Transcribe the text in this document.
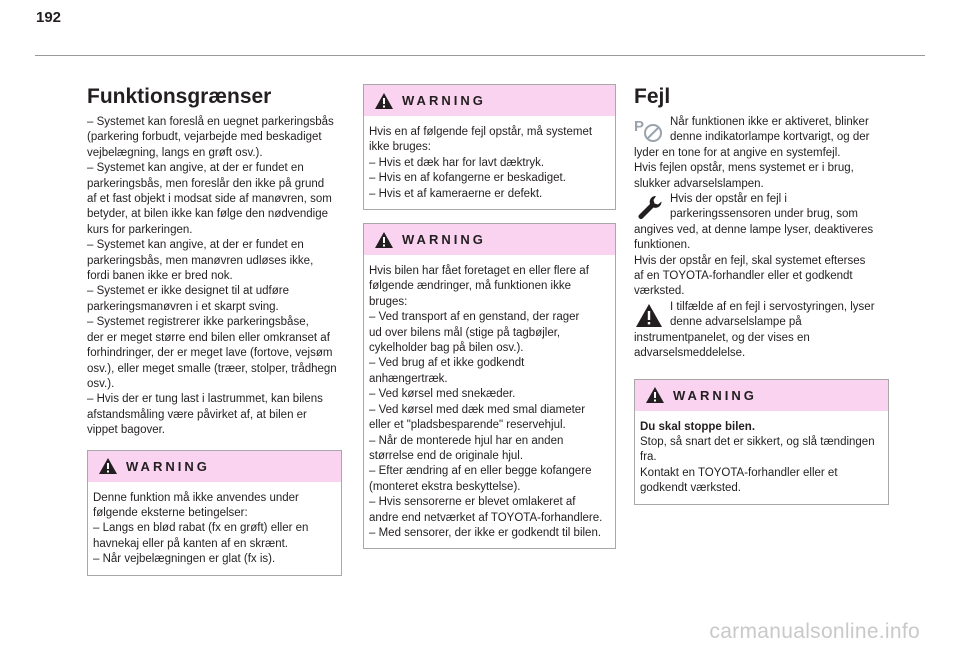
192
Funktionsgrænser
– Systemet kan foreslå en uegnet parkeringsbås
(parkering forbudt, vejarbejde med beskadiget
vejbelægning, langs en grøft osv.).
– Systemet kan angive, at der er fundet en
parkeringsbås, men foreslår den ikke på grund
af et fast objekt i modsat side af manøvren, som
betyder, at bilen ikke kan følge den nødvendige
kurs for parkeringen.
– Systemet kan angive, at der er fundet en
parkeringsbås, men manøvren udløses ikke,
fordi banen ikke er bred nok.
– Systemet er ikke designet til at udføre
parkeringsmanøvren i et skarpt sving.
– Systemet registrerer ikke parkeringsbåse,
der er meget større end bilen eller omkranset af
forhindringer, der er meget lave (fortove, vejsøm
osv.), eller meget smalle (træer, stolper, trådhegn
osv.).
– Hvis der er tung last i lastrummet, kan bilens
afstandsmåling være påvirket af, at bilen er
vippet bagover.
WARNING
Denne funktion må ikke anvendes under
følgende eksterne betingelser:
– Langs en blød rabat (fx en grøft) eller en
havnekaj eller på kanten af en skrænt.
– Når vejbelægningen er glat (fx is).
WARNING
Hvis en af følgende fejl opstår, må systemet
ikke bruges:
– Hvis et dæk har for lavt dæktryk.
– Hvis en af kofangerne er beskadiget.
– Hvis et af kameraerne er defekt.
WARNING
Hvis bilen har fået foretaget en eller flere af
følgende ændringer, må funktionen ikke
bruges:
– Ved transport af en genstand, der rager
ud over bilens mål (stige på tagbøjler,
cykelholder bag på bilen osv.).
– Ved brug af et ikke godkendt
anhængertræk.
– Ved kørsel med snekæder.
– Ved kørsel med dæk med smal diameter
eller et "pladsbesparende" reservehjul.
– Når de monterede hjul har en anden
størrelse end de originale hjul.
– Efter ændring af en eller begge kofangere
(monteret ekstra beskyttelse).
– Hvis sensorerne er blevet omlakeret af
andre end netværket af TOYOTA-forhandlere.
– Med sensorer, der ikke er godkendt til bilen.
Fejl
P Når funktionen ikke er aktiveret, blinker
denne indikatorlampe kortvarigt, og der
lyder en tone for at angive en systemfejl.
Hvis fejlen opstår, mens systemet er i brug,
slukker advarselslampen.
Hvis der opstår en fejl i
parkeringssensoren under brug, som
angives ved, at denne lampe lyser, deaktiveres
funktionen.
Hvis der opstår en fejl, skal systemet efterses
af en TOYOTA-forhandler eller et godkendt
værksted.
I tilfælde af en fejl i servostyringen, lyser
denne advarselslampe på
instrumentpanelet, og der vises en
advarselsmeddelelse.
WARNING
Du skal stoppe bilen.
Stop, så snart det er sikkert, og slå tændingen
fra.
Kontakt en TOYOTA-forhandler eller et
godkendt værksted.
carmanualsonline.info
